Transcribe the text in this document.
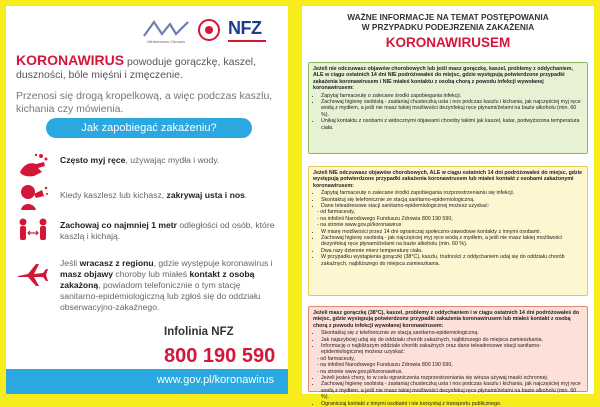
Ministerstwo Zdrowia
NFZ

KORONAWIRUS powoduje gorączkę, kaszel, duszności, bóle mięśni i zmęczenie.

Przenosi się drogą kropelkową, a więc podczas kaszlu, kichania czy mówienia.

Jak zapobiegać zakażeniu?

Często myj ręce, używając mydła i wody.

Kiedy kaszlesz lub kichasz, zakrywaj usta i nos.

Zachowaj co najmniej 1 metr odległości od osób, które kaszlą i kichają.

Jeśli wracasz z regionu, gdzie występuje koronawirus i masz objawy choroby lub miałeś kontakt z osobą zakażoną, powiadom telefonicznie o tym stację sanitarno-epidemiologiczną lub zgłoś się do oddziału obserwacyjno-zakaźnego.

Infolinia NFZ
800 190 590
www.gov.pl/koronawirus
WAŻNE INFORMACJE NA TEMAT POSTĘPOWANIA
W PRZYPADKU PODEJRZENIA ZAKAŻENIA
KORONAWIRUSEM

Jeżeli nie odczuwasz objawów chorobowych lub jeśli masz gorączkę, kaszel, problemy z oddychaniem, ALE w ciągu ostatnich 14 dni NIE podróżowałeś do miejsc, gdzie występują potwierdzone przypadki zakażenia koronawirusem i NIE miałeś kontaktu z osobą chorą z powodu infekcji wywołanej koronawirusem:

• Zapytaj farmaceutę o zalecane środki zapobiegania infekcji.
• Zachowaj higienę osobistą - zasłaniaj chusteczką usta i nos podczas kaszlu i kichania, jak najczęściej myj ręce wodą z mydłem, a jeśli nie masz takiej możliwości dezynfekuj ręce płynami/żelami na bazie alkoholu (min. 60 %).
• Unikaj kontaktu z osobami z widocznymi objawami choroby takimi jak kaszel, katar, podwyższona temperatura ciała.

Jeżeli NIE odczuwasz objawów chorobowych, ALE w ciągu ostatnich 14 dni podróżowałeś do miejsc, gdzie występują potwierdzone przypadki zakażenia koronawirusem lub miałeś kontakt z osobami zakażonymi koronawirusem:

• Zapytaj farmaceutę o zalecane środki zapobiegania rozprzestrzenianiu się infekcji.
• Skontaktuj się telefonicznie ze stacją sanitarno-epidemiologiczną.
• Dane teleadresowe stacji sanitarno-epidemiologicznej możesz uzyskać:
- od farmaceuty,
- na infolinii Narodowego Funduszu Zdrowia 800 190 590,
- na stronie www.gov.pl/koronawirus
• W miarę możliwości przez 14 dni ograniczaj społeczno-zawodowe kontakty z innymi osobami.
• Zachowaj higienę osobistą - jak najczęściej myj ręce wodą z mydłem, a jeśli nie masz takiej możliwości dezynfekuj ręce płynami/żelami na bazie alkoholu (min. 60 %).
• Dwa razy dziennie mierz temperaturę ciała.
• W przypadku wystąpienia gorączki (38°C), kaszlu, trudności z oddychaniem udaj się do oddziału chorób zakaźnych, najbliższego do miejsca zamieszkania.

Jeżeli masz gorączkę (38°C), kaszel, problemy z oddychaniem i w ciągu ostatnich 14 dni podróżowałeś do miejsc, gdzie występują potwierdzone przypadki zakażenia koronawirusem lub miałeś kontakt z osobą chorą z powodu infekcji wywołanej koronawirusem:

• Skontaktuj się z telefonicznie ze stacją sanitarno-epidemiologiczną.
• Jak najszybciej udaj się do oddziału chorób zakaźnych, najbliższego do miejsca zamieszkania.
• Informację o najbliższym oddziale chorób zakaźnych oraz dane teleadresowe stacji sanitarno-epidemiologicznej możesz uzyskać:
- od farmaceuty,
- na infolinii Narodowego Funduszu Zdrowia 800 190 590,
- na stronie www.gov.pl/koronawirus.
• Jeżeli jesteś chory, to w celu ograniczenia rozprzestrzeniania się wirusa używaj maski ochronnej.
• Zachowaj higienę osobistą - zasłaniaj chusteczką usta i nos podczas kaszlu i kichania, jak najczęściej myj ręce wodą z mydłem, a jeśli nie masz takiej możliwości dezynfekuj ręce płynami/żelami na bazie alkoholu (min. 60 %).
• Ograniczaj kontakt z innymi osobami i nie korzystaj z transportu publicznego.
